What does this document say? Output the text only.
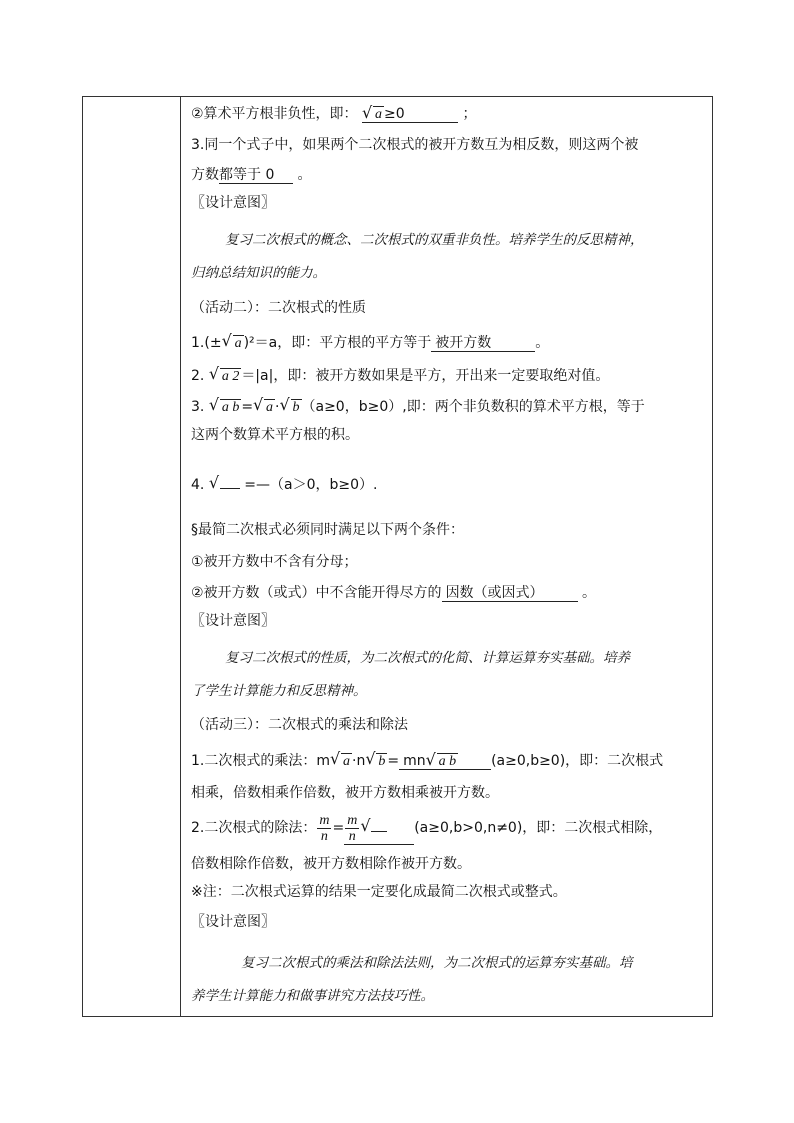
②算术平方根非负性，即： √ a ≥0	；
3.同一个式子中，如果两个二次根式的被开方数互为相反数，则这两个被
方数都等于 0 。
〖设计意图〗
复习二次根式的概念、二次根式的双重非负性。培养学生的反思精神，
归纳总结知识的能力。
（活动二）：二次根式的性质
1.(± √ a )²＝a，即：平方根的平方等于 被开方数	。
2. √ a 2 ＝|a|，即：被开方数如果是平方，开出来一定要取绝对值。
3. √ a b = √ a · √ b （a≥0，b≥0）,即：两个非负数积的算术平方根，等于
这两个数算术平方根的积。
4. √	=—（a＞0，b≥0）.
§最简二次根式必须同时满足以下两个条件：
①被开方数中不含有分母；
②被开方数（或式）中不含能开得尽方的 因数（或因式）	。
〖设计意图〗
复习二次根式的性质，为二次根式的化简、计算运算夯实基础。培养
了学生计算能力和反思精神。
（活动三）：二次根式的乘法和除法
1.二次根式的乘法：m √ a ·n √ b = mn √ a b (a≥0,b≥0)，即：二次根式
相乘，倍数相乘作倍数，被开方数相乘被开方数。
2.二次根式的除法： $\frac{m}{n} = \frac{m}{n}$ √	(a≥0,b>0,n≠0)，即：二次根式相除，
倍数相除作倍数，被开方数相除作被开方数。
※注：二次根式运算的结果一定要化成最简二次根式或整式。
〖设计意图〗
复习二次根式的乘法和除法法则，为二次根式的运算夯实基础。培
养学生计算能力和做事讲究方法技巧性。
